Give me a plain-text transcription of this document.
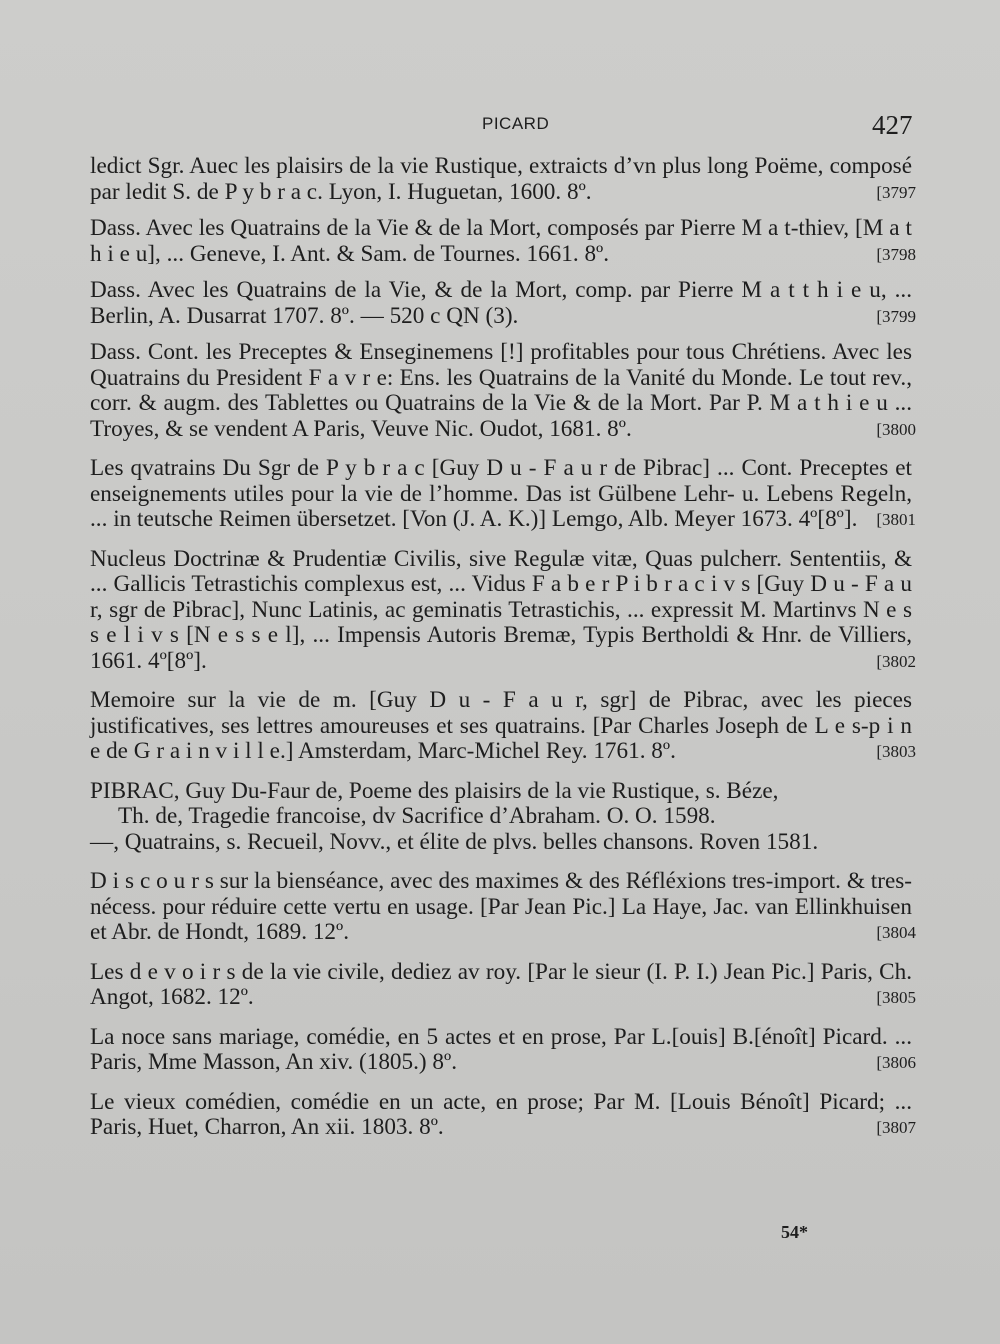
PICARD	427
ledict Sgr. Auec les plaisirs de la vie Rustique, extraicts d’vn plus long Poëme, composé par ledit S. de P y b r a c. Lyon, I. Huguetan, 1600. 8º.	[3797
Dass. Avec les Quatrains de la Vie & de la Mort, composés par Pierre M a t-thiev, [M a t h i e u], ... Geneve, I. Ant. & Sam. de Tournes. 1661. 8º.	[3798
Dass. Avec les Quatrains de la Vie, & de la Mort, comp. par Pierre M a t t h i e u, ... Berlin, A. Dusarrat 1707. 8º. — 520 c QN (3).	[3799
Dass. Cont. les Preceptes & Enseginemens [!] profitables pour tous Chrétiens. Avec les Quatrains du President F a v r e: Ens. les Quatrains de la Vanité du Monde. Le tout rev., corr. & augm. des Tablettes ou Quatrains de la Vie & de la Mort. Par P. M a t h i e u ... Troyes, & se vendent A Paris, Veuve Nic. Oudot, 1681. 8º.	[3800
Les qvatrains Du Sgr de P y b r a c [Guy D u - F a u r de Pibrac] ... Cont. Preceptes et enseignements utiles pour la vie de l’homme. Das ist Gülbene Lehr- u. Lebens Regeln, ... in teutsche Reimen übersetzet. [Von (J. A. K.)] Lemgo, Alb. Meyer 1673. 4º[8º]. [3801
Nucleus Doctrinæ & Prudentiæ Civilis, sive Regulæ vitæ, Quas pulcherr. Sententiis, & ... Gallicis Tetrastichis complexus est, ... Vidus F a b e r P i b r a c i v s [Guy D u - F a u r, sgr de Pibrac], Nunc Latinis, ac geminatis Tetrastichis, ... expressit M. Martinvs N e s s e l i v s [N e s s e l], ... Impensis Autoris Bremæ, Typis Bertholdi & Hnr. de Villiers, 1661. 4º[8º].	[3802
Memoire sur la vie de m. [Guy D u - F a u r, sgr] de Pibrac, avec les pieces justificatives, ses lettres amoureuses et ses quatrains. [Par Charles Joseph de L e s-p i n e de G r a i n v i l l e.] Amsterdam, Marc-Michel Rey. 1761. 8º.	[3803
PIBRAC, Guy Du-Faur de, Poeme des plaisirs de la vie Rustique, s. Béze,
Th. de, Tragedie francoise, dv Sacrifice d’Abraham. O. O. 1598.
—, Quatrains, s. Recueil, Novv., et élite de plvs. belles chansons. Roven 1581.
D i s c o u r s sur la bienséance, avec des maximes & des Réfléxions tres-import. & tres-nécess. pour réduire cette vertu en usage. [Par Jean Pic.] La Haye, Jac. van Ellinkhuisen et Abr. de Hondt, 1689. 12º.	[3804
Les d e v o i r s de la vie civile, dediez av roy. [Par le sieur (I. P. I.) Jean Pic.] Paris, Ch. Angot, 1682. 12º.	[3805
La noce sans mariage, comédie, en 5 actes et en prose, Par L.[ouis] B.[énoît] Picard. ... Paris, Mme Masson, An xiv. (1805.) 8º.	[3806
Le vieux comédien, comédie en un acte, en prose; Par M. [Louis Bénoît] Picard; ... Paris, Huet, Charron, An xii. 1803. 8º.	[3807
54*
